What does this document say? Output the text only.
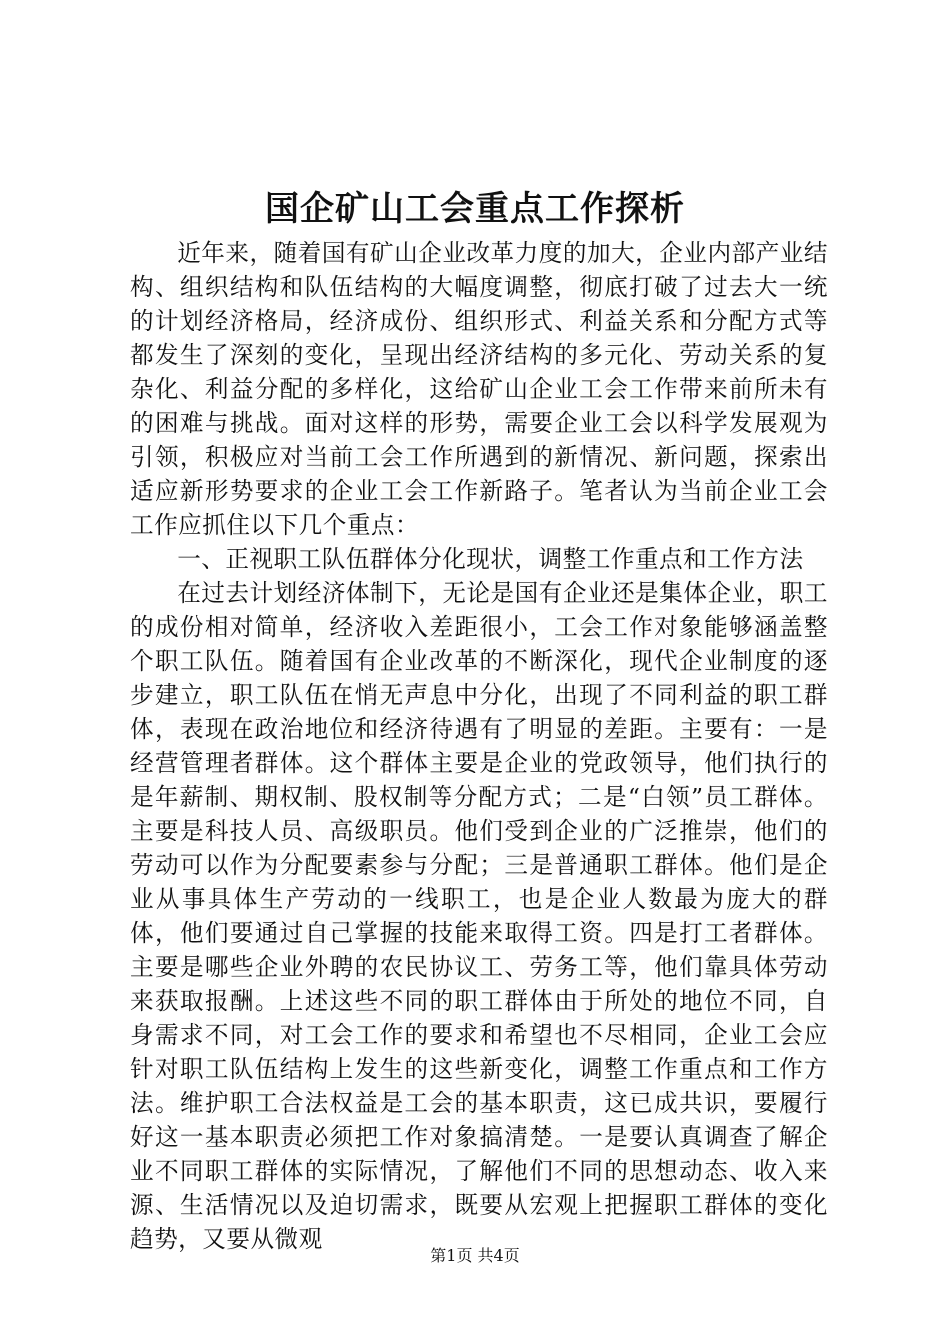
国企矿山工会重点工作探析

近年来，随着国有矿山企业改革力度的加大，企业内部产业结构、组织结构和队伍结构的大幅度调整，彻底打破了过去大一统的计划经济格局，经济成份、组织形式、利益关系和分配方式等都发生了深刻的变化，呈现出经济结构的多元化、劳动关系的复杂化、利益分配的多样化，这给矿山企业工会工作带来前所未有的困难与挑战。面对这样的形势，需要企业工会以科学发展观为引领，积极应对当前工会工作所遇到的新情况、新问题，探索出适应新形势要求的企业工会工作新路子。笔者认为当前企业工会工作应抓住以下几个重点：

一、正视职工队伍群体分化现状，调整工作重点和工作方法

在过去计划经济体制下，无论是国有企业还是集体企业，职工的成份相对简单，经济收入差距很小，工会工作对象能够涵盖整个职工队伍。随着国有企业改革的不断深化，现代企业制度的逐步建立，职工队伍在悄无声息中分化，出现了不同利益的职工群体，表现在政治地位和经济待遇有了明显的差距。主要有：一是经营管理者群体。这个群体主要是企业的党政领导，他们执行的是年薪制、期权制、股权制等分配方式；二是“白领”员工群体。主要是科技人员、高级职员。他们受到企业的广泛推崇，他们的劳动可以作为分配要素参与分配；三是普通职工群体。他们是企业从事具体生产劳动的一线职工，也是企业人数最为庞大的群体，他们要通过自己掌握的技能来取得工资。四是打工者群体。主要是哪些企业外聘的农民协议工、劳务工等，他们靠具体劳动来获取报酬。上述这些不同的职工群体由于所处的地位不同，自身需求不同，对工会工作的要求和希望也不尽相同，企业工会应针对职工队伍结构上发生的这些新变化，调整工作重点和工作方法。维护职工合法权益是工会的基本职责，这已成共识，要履行好这一基本职责必须把工作对象搞清楚。一是要认真调查了解企业不同职工群体的实际情况，了解他们不同的思想动态、收入来源、生活情况以及迫切需求，既要从宏观上把握职工群体的变化趋势，又要从微观

第1页 共4页
